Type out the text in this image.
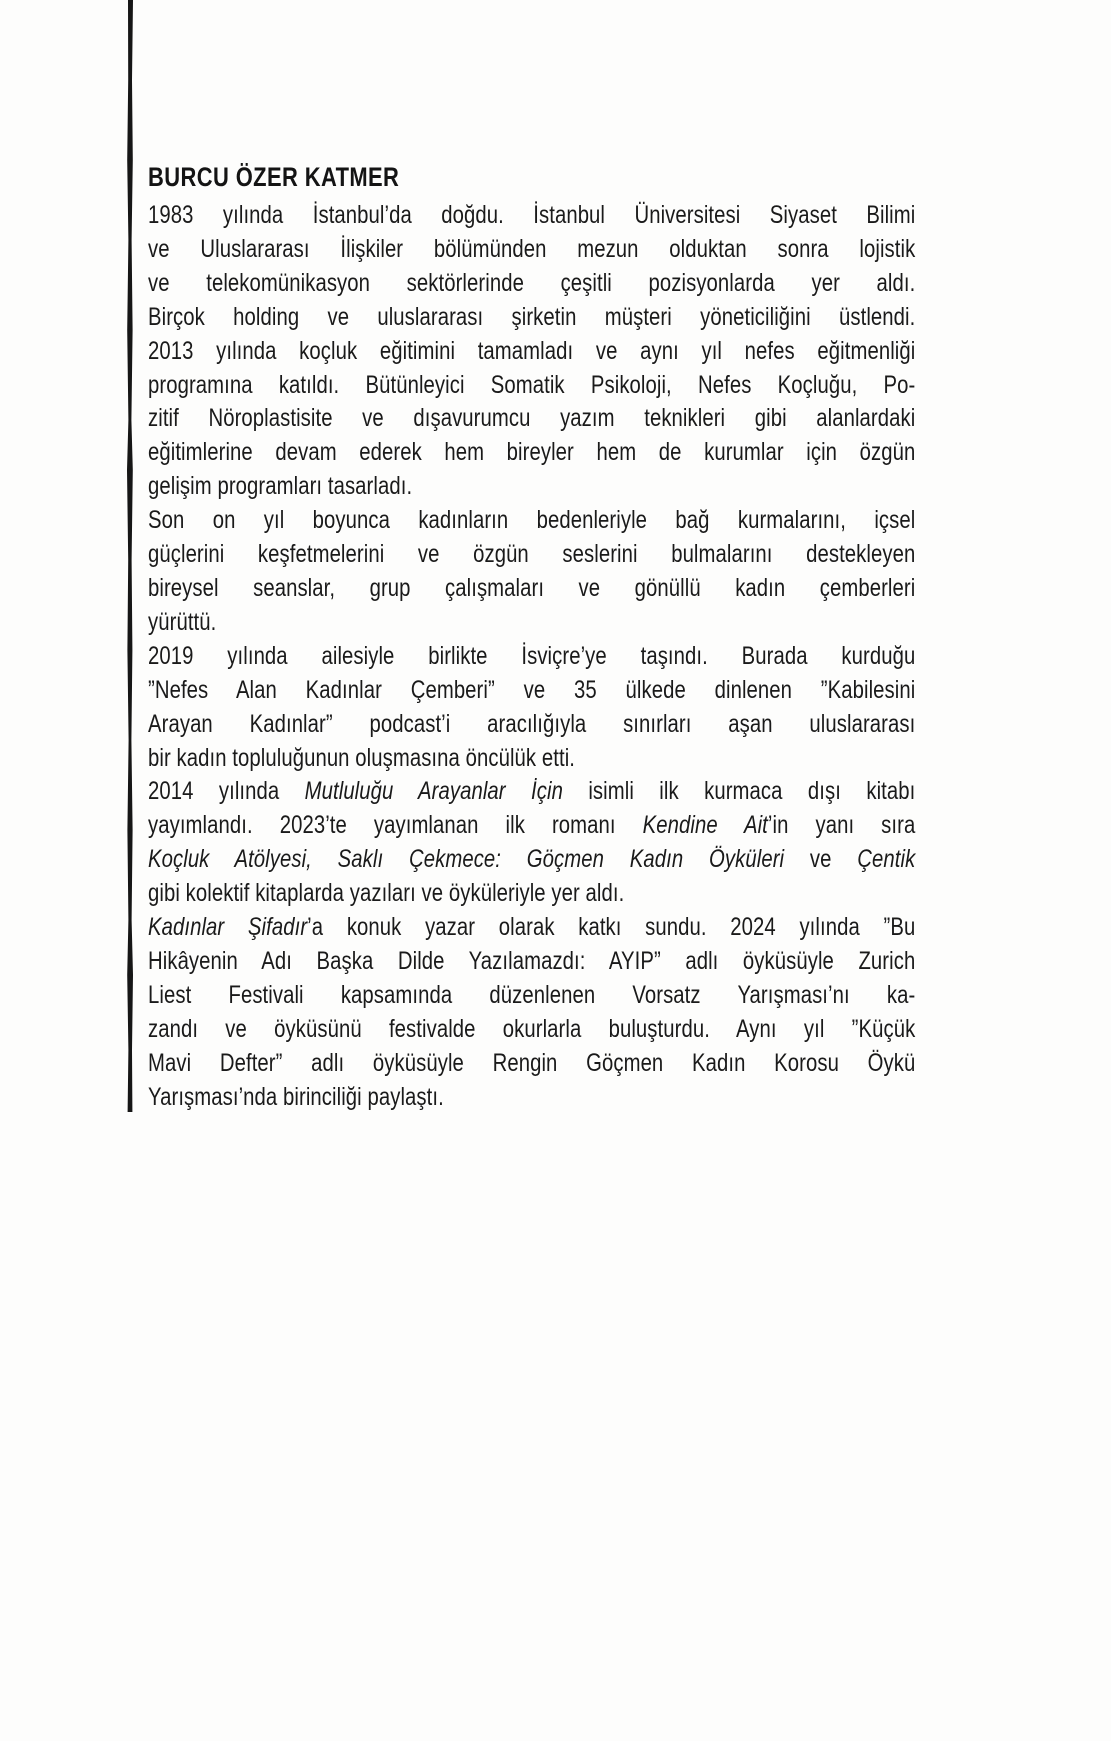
BURCU ÖZER KATMER
1983 yılında İstanbul’da doğdu. İstanbul Üniversitesi Siyaset Bilimi
ve Uluslararası İlişkiler bölümünden mezun olduktan sonra lojistik
ve telekomünikasyon sektörlerinde çeşitli pozisyonlarda yer aldı.
Birçok holding ve uluslararası şirketin müşteri yöneticiliğini üstlendi.
2013 yılında koçluk eğitimini tamamladı ve aynı yıl nefes eğitmenliği
programına katıldı. Bütünleyici Somatik Psikoloji, Nefes Koçluğu, Po-
zitif Nöroplastisite ve dışavurumcu yazım teknikleri gibi alanlardaki
eğitimlerine devam ederek hem bireyler hem de kurumlar için özgün
gelişim programları tasarladı.
Son on yıl boyunca kadınların bedenleriyle bağ kurmalarını, içsel
güçlerini keşfetmelerini ve özgün seslerini bulmalarını destekleyen
bireysel seanslar, grup çalışmaları ve gönüllü kadın çemberleri
yürüttü.
2019 yılında ailesiyle birlikte İsviçre’ye taşındı. Burada kurduğu
”Nefes Alan Kadınlar Çemberi” ve 35 ülkede dinlenen ”Kabilesini
Arayan Kadınlar” podcast’i aracılığıyla sınırları aşan uluslararası
bir kadın topluluğunun oluşmasına öncülük etti.
2014 yılında Mutluluğu Arayanlar İçin isimli ilk kurmaca dışı kitabı
yayımlandı. 2023’te yayımlanan ilk romanı Kendine Ait’in yanı sıra
Koçluk Atölyesi, Saklı Çekmece: Göçmen Kadın Öyküleri ve Çentik
gibi kolektif kitaplarda yazıları ve öyküleriyle yer aldı.
Kadınlar Şifadır’a konuk yazar olarak katkı sundu. 2024 yılında ”Bu
Hikâyenin Adı Başka Dilde Yazılamazdı: AYIP” adlı öyküsüyle Zurich
Liest Festivali kapsamında düzenlenen Vorsatz Yarışması’nı ka-
zandı ve öyküsünü festivalde okurlarla buluşturdu. Aynı yıl ”Küçük
Mavi Defter” adlı öyküsüyle Rengin Göçmen Kadın Korosu Öykü
Yarışması’nda birinciliği paylaştı.
